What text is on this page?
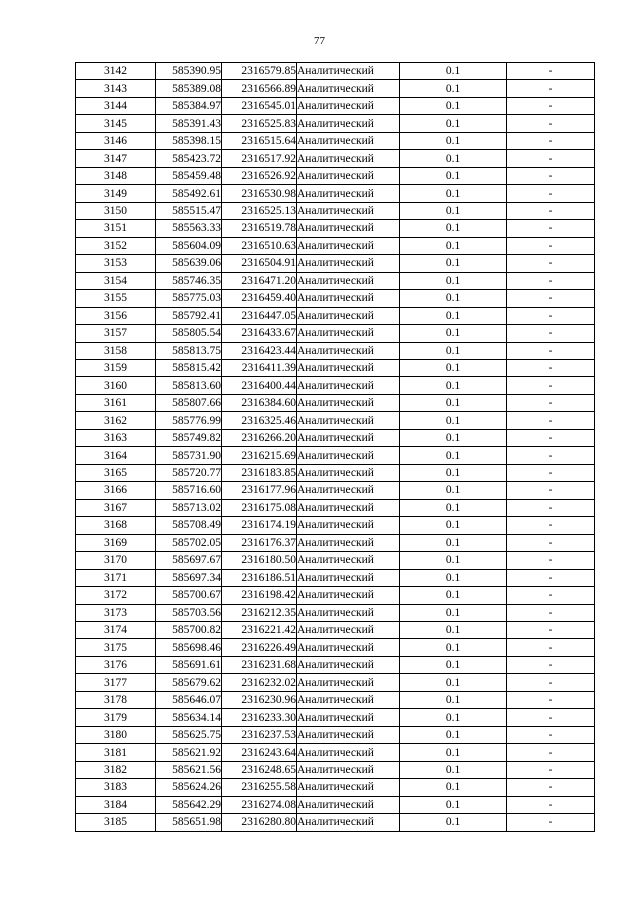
77
3142	585390.95	2316579.85	Аналитический	0.1	-
3143	585389.08	2316566.89	Аналитический	0.1	-
3144	585384.97	2316545.01	Аналитический	0.1	-
3145	585391.43	2316525.83	Аналитический	0.1	-
3146	585398.15	2316515.64	Аналитический	0.1	-
3147	585423.72	2316517.92	Аналитический	0.1	-
3148	585459.48	2316526.92	Аналитический	0.1	-
3149	585492.61	2316530.98	Аналитический	0.1	-
3150	585515.47	2316525.13	Аналитический	0.1	-
3151	585563.33	2316519.78	Аналитический	0.1	-
3152	585604.09	2316510.63	Аналитический	0.1	-
3153	585639.06	2316504.91	Аналитический	0.1	-
3154	585746.35	2316471.20	Аналитический	0.1	-
3155	585775.03	2316459.40	Аналитический	0.1	-
3156	585792.41	2316447.05	Аналитический	0.1	-
3157	585805.54	2316433.67	Аналитический	0.1	-
3158	585813.75	2316423.44	Аналитический	0.1	-
3159	585815.42	2316411.39	Аналитический	0.1	-
3160	585813.60	2316400.44	Аналитический	0.1	-
3161	585807.66	2316384.60	Аналитический	0.1	-
3162	585776.99	2316325.46	Аналитический	0.1	-
3163	585749.82	2316266.20	Аналитический	0.1	-
3164	585731.90	2316215.69	Аналитический	0.1	-
3165	585720.77	2316183.85	Аналитический	0.1	-
3166	585716.60	2316177.96	Аналитический	0.1	-
3167	585713.02	2316175.08	Аналитический	0.1	-
3168	585708.49	2316174.19	Аналитический	0.1	-
3169	585702.05	2316176.37	Аналитический	0.1	-
3170	585697.67	2316180.50	Аналитический	0.1	-
3171	585697.34	2316186.51	Аналитический	0.1	-
3172	585700.67	2316198.42	Аналитический	0.1	-
3173	585703.56	2316212.35	Аналитический	0.1	-
3174	585700.82	2316221.42	Аналитический	0.1	-
3175	585698.46	2316226.49	Аналитический	0.1	-
3176	585691.61	2316231.68	Аналитический	0.1	-
3177	585679.62	2316232.02	Аналитический	0.1	-
3178	585646.07	2316230.96	Аналитический	0.1	-
3179	585634.14	2316233.30	Аналитический	0.1	-
3180	585625.75	2316237.53	Аналитический	0.1	-
3181	585621.92	2316243.64	Аналитический	0.1	-
3182	585621.56	2316248.65	Аналитический	0.1	-
3183	585624.26	2316255.58	Аналитический	0.1	-
3184	585642.29	2316274.08	Аналитический	0.1	-
3185	585651.98	2316280.80	Аналитический	0.1	-
